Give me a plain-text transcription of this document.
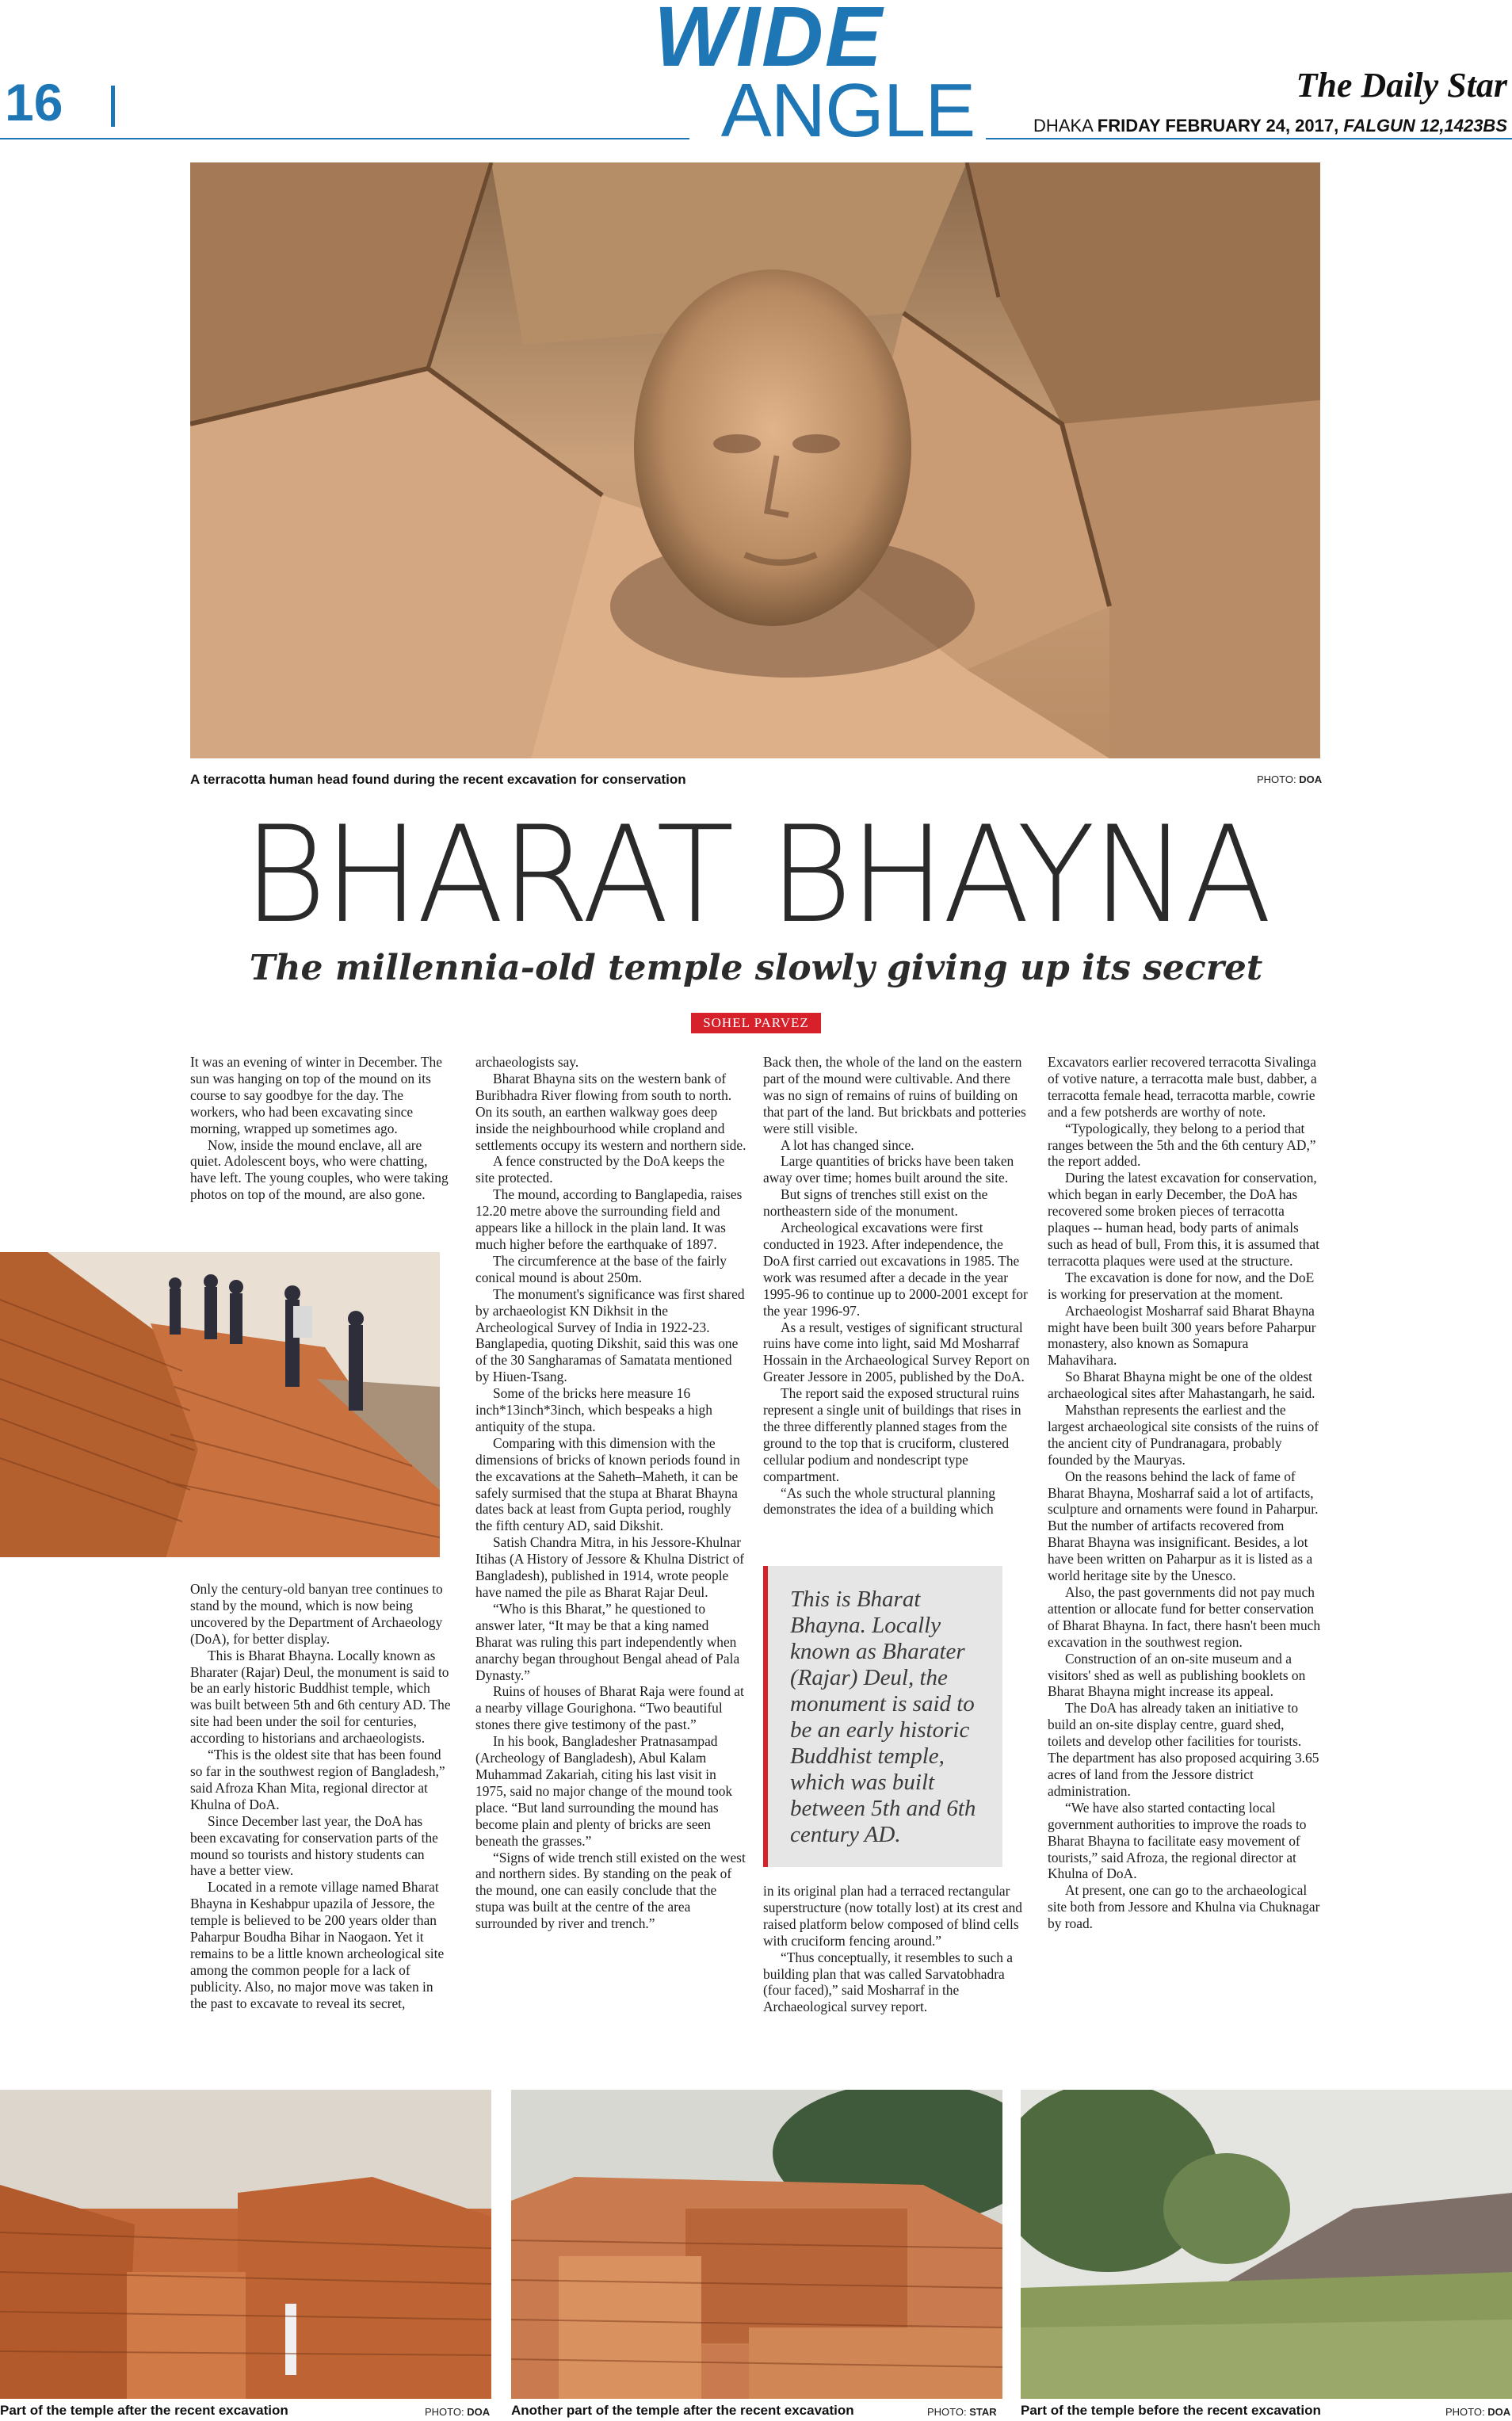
16
WIDE
ANGLE	The Daily Star
DHAKA FRIDAY FEBRUARY 24, 2017, FALGUN 12,1423BS
A terracotta human head found during the recent excavation for conservation	PHOTO: DOA
BHARAT BHAYNA
The millennia-old temple slowly giving up its secret
SOHEL PARVEZ

It was an evening of winter in December. The sun was hanging on top of the mound on its course to say goodbye for the day. The workers, who had been excavating since morning, wrapped up sometimes ago.

Now, inside the mound enclave, all are quiet. Adolescent boys, who were chatting, have left. The young couples, who were taking photos on top of the mound, are also gone.

Only the century-old banyan tree continues to stand by the mound, which is now being uncovered by the Department of Archaeology (DoA), for better display.

This is Bharat Bhayna. Locally known as Bharater (Rajar) Deul, the monument is said to be an early historic Buddhist temple, which was built between 5th and 6th century AD. The site had been under the soil for centuries, according to historians and archaeologists.

“This is the oldest site that has been found so far in the southwest region of Bangladesh,” said Afroza Khan Mita, regional director at Khulna of DoA.

Since December last year, the DoA has been excavating for conservation parts of the mound so tourists and history students can have a better view.

Located in a remote village named Bharat Bhayna in Keshabpur upazila of Jessore, the temple is believed to be 200 years older than Paharpur Boudha Bihar in Naogaon. Yet it remains to be a little known archeological site among the common people for a lack of publicity. Also, no major move was taken in the past to excavate to reveal its secret,

archaeologists say.

Bharat Bhayna sits on the western bank of Buribhadra River flowing from south to north. On its south, an earthen walkway goes deep inside the neighbourhood while cropland and settlements occupy its western and northern side.

A fence constructed by the DoA keeps the site protected.

The mound, according to Banglapedia, raises 12.20 metre above the surrounding field and appears like a hillock in the plain land. It was much higher before the earthquake of 1897.

The circumference at the base of the fairly conical mound is about 250m.

The monument's significance was first shared by archaeologist KN Dikhsit in the Archeological Survey of India in 1922-23. Banglapedia, quoting Dikshit, said this was one of the 30 Sangharamas of Samatata mentioned by Hiuen-Tsang.

Some of the bricks here measure 16 inch*13inch*3inch, which bespeaks a high antiquity of the stupa.

Comparing with this dimension with the dimensions of bricks of known periods found in the excavations at the Saheth–Maheth, it can be safely surmised that the stupa at Bharat Bhayna dates back at least from Gupta period, roughly the fifth century AD, said Dikshit.

Satish Chandra Mitra, in his Jessore-Khulnar Itihas (A History of Jessore & Khulna District of Bangladesh), published in 1914, wrote people have named the pile as Bharat Rajar Deul.

“Who is this Bharat,” he questioned to answer later, “It may be that a king named Bharat was ruling this part independently when anarchy began throughout Bengal ahead of Pala Dynasty.”

Ruins of houses of Bharat Raja were found at a nearby village Gourighona. “Two beautiful stones there give testimony of the past.”

In his book, Bangladesher Pratnasampad (Archeology of Bangladesh), Abul Kalam Muhammad Zakariah, citing his last visit in 1975, said no major change of the mound took place. “But land surrounding the mound has become plain and plenty of bricks are seen beneath the grasses.”

“Signs of wide trench still existed on the west and northern sides. By standing on the peak of the mound, one can easily conclude that the stupa was built at the centre of the area surrounded by river and trench.”

Back then, the whole of the land on the eastern part of the mound were cultivable. And there was no sign of remains of ruins of building on that part of the land. But brickbats and potteries were still visible.

A lot has changed since.

Large quantities of bricks have been taken away over time; homes built around the site.

But signs of trenches still exist on the northeastern side of the monument.

Archeological excavations were first conducted in 1923. After independence, the DoA first carried out excavations in 1985. The work was resumed after a decade in the year 1995-96 to continue up to 2000-2001 except for the year 1996-97.

As a result, vestiges of significant structural ruins have come into light, said Md Mosharraf Hossain in the Archaeological Survey Report on Greater Jessore in 2005, published by the DoA.

The report said the exposed structural ruins represent a single unit of buildings that rises in the three differently planned stages from the ground to the top that is cruciform, clustered cellular podium and nondescript type compartment.

“As such the whole structural planning demonstrates the idea of a building which

This is Bharat Bhayna. Locally known as Bharater (Rajar) Deul, the monument is said to be an early historic Buddhist temple, which was built between 5th and 6th century AD.

in its original plan had a terraced rectangular superstructure (now totally lost) at its crest and raised platform below composed of blind cells with cruciform fencing around.”

“Thus conceptually, it resembles to such a building plan that was called Sarvatobhadra (four faced),” said Mosharraf in the Archaeological survey report.

Excavators earlier recovered terracotta Sivalinga of votive nature, a terracotta male bust, dabber, a terracotta female head, terracotta marble, cowrie and a few potsherds are worthy of note.

“Typologically, they belong to a period that ranges between the 5th and the 6th century AD,” the report added.

During the latest excavation for conservation, which began in early December, the DoA has recovered some broken pieces of terracotta plaques -- human head, body parts of animals such as head of bull, From this, it is assumed that terracotta plaques were used at the structure.

The excavation is done for now, and the DoE is working for preservation at the moment.

Archaeologist Mosharraf said Bharat Bhayna might have been built 300 years before Paharpur monastery, also known as Somapura Mahavihara.

So Bharat Bhayna might be one of the oldest archaeological sites after Mahastangarh, he said.

Mahsthan represents the earliest and the largest archaeological site consists of the ruins of the ancient city of Pundranagara, probably founded by the Mauryas.

On the reasons behind the lack of fame of Bharat Bhayna, Mosharraf said a lot of artifacts, sculpture and ornaments were found in Paharpur. But the number of artifacts recovered from Bharat Bhayna was insignificant. Besides, a lot have been written on Paharpur as it is listed as a world heritage site by the Unesco.

Also, the past governments did not pay much attention or allocate fund for better conservation of Bharat Bhayna. In fact, there hasn't been much excavation in the southwest region.

Construction of an on-site museum and a visitors' shed as well as publishing booklets on Bharat Bhayna might increase its appeal.

The DoA has already taken an initiative to build an on-site display centre, guard shed, toilets and develop other facilities for tourists. The department has also proposed acquiring 3.65 acres of land from the Jessore district administration.

“We have also started contacting local government authorities to improve the roads to Bharat Bhayna to facilitate easy movement of tourists,” said Afroza, the regional director at Khulna of DoA.

At present, one can go to the archaeological site both from Jessore and Khulna via Chuknagar by road.

Part of the temple after the recent excavation	PHOTO: DOA Another part of the temple after the recent excavation	PHOTO: STAR Part of the temple before the recent excavation	PHOTO: DOA
